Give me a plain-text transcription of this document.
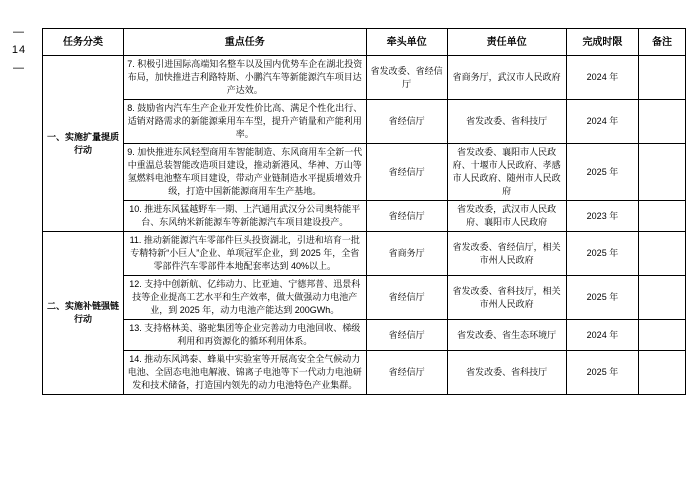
—
14
—
任务分类	重点任务	牵头单位	责任单位	完成时限	备注
一、实施扩量提质行动	7. 积极引进国际高端知名整车以及国内优势车企在湖北投资布局，加快推进吉利路特斯、小鹏汽车等新能源汽车项目达产达效。	省发改委、省经信厅	省商务厅，武汉市人民政府	2024 年	
	8. 鼓励省内汽车生产企业开发性价比高、满足个性化出行、适销对路需求的新能源乘用车车型，提升产销量和产能利用率。	省经信厅	省发改委、省科技厅	2024 年	
	9. 加快推进东风轻型商用车智能制造、东风商用车全新一代中重温总装智能改造项目建设，推动新港风、华神、万山等氢燃料电池整车项目建设，带动产业链制造水平提质增效升级，打造中国新能源商用车生产基地。	省经信厅	省发改委、襄阳市人民政府、十堰市人民政府、孝感市人民政府、随州市人民政府	2025 年	
	10. 推进东风猛越野车一期、上汽通用武汉分公司奥特能平台、东风纳米新能源车等新能源汽车项目建设投产。	省经信厅	省发改委，武汉市人民政府、襄阳市人民政府	2023 年	
二、实施补链强链行动	11. 推动新能源汽车零部件巨头投资湖北，引进和培育一批专精特新“小巨人”企业、单项冠军企业，到 2025 年，全省零部件汽车零部件本地配套率达到 40%以上。	省商务厅	省发改委、省经信厅，相关市州人民政府	2025 年	
	12. 支持中创新航、亿纬动力、比亚迪、宁德邦普、迅景科技等企业提高工艺水平和生产效率，做大做强动力电池产业，到 2025 年，动力电池产能达到 200GWh。	省经信厅	省发改委、省科技厅，相关市州人民政府	2025 年	
	13. 支持格林美、骆驼集团等企业完善动力电池回收、梯级利用和再资源化的循环利用体系。	省经信厅	省发改委、省生态环境厅	2024 年	
	14. 推动东风鸿泰、蜂巢中实验室等开展高安全全气候动力电池、全固态电池电解液、锦离子电池等下一代动力电池研发和技术储备，打造国内领先的动力电池特色产业集群。	省经信厅	省发改委、省科技厅	2025 年	
